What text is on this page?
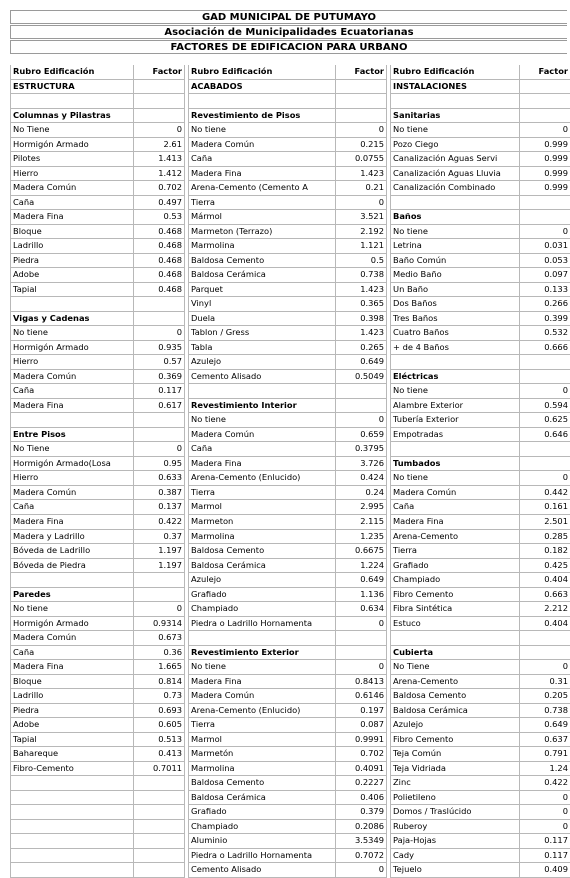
GAD MUNICIPAL DE PUTUMAYO
Asociación de Municipalidades Ecuatorianas
FACTORES DE EDIFICACION PARA URBANO
Rubro Edificación	Factor
ESTRUCTURA
Columnas y Pilastras
No Tiene	0
Hormigón Armado	2.61
Pilotes	1.413
Hierro	1.412
Madera Común	0.702
Caña	0.497
Madera Fina	0.53
Bloque	0.468
Ladrillo	0.468
Piedra	0.468
Adobe	0.468
Tapial	0.468
Vigas y Cadenas
No tiene	0
Hormigón Armado	0.935
Hierro	0.57
Madera Común	0.369
Caña	0.117
Madera Fina	0.617
Entre Pisos
No Tiene	0
Hormigón Armado(Losa	0.95
Hierro	0.633
Madera Común	0.387
Caña	0.137
Madera Fina	0.422
Madera y Ladrillo	0.37
Bóveda de Ladrillo	1.197
Bóveda de Piedra	1.197
Paredes
No tiene	0
Hormigón Armado	0.9314
Madera Común	0.673
Caña	0.36
Madera Fina	1.665
Bloque	0.814
Ladrillo	0.73
Piedra	0.693
Adobe	0.605
Tapial	0.513
Bahareque	0.413
Fibro-Cemento	0.7011
Rubro Edificación	Factor
ACABADOS
Revestimiento de Pisos
No tiene	0
Madera Común	0.215
Caña	0.0755
Madera Fina	1.423
Arena-Cemento (Cemento A	0.21
Tierra	0
Mármol	3.521
Marmeton (Terrazo)	2.192
Marmolina	1.121
Baldosa Cemento	0.5
Baldosa Cerámica	0.738
Parquet	1.423
Vinyl	0.365
Duela	0.398
Tablon / Gress	1.423
Tabla	0.265
Azulejo	0.649
Cemento Alisado	0.5049
Revestimiento Interior
No tiene	0
Madera Común	0.659
Caña	0.3795
Madera Fina	3.726
Arena-Cemento (Enlucido)	0.424
Tierra	0.24
Marmol	2.995
Marmeton	2.115
Marmolina	1.235
Baldosa Cemento	0.6675
Baldosa Cerámica	1.224
Azulejo	0.649
Grafiado	1.136
Champiado	0.634
Piedra o Ladrillo Hornamenta	0
Revestimiento Exterior
No tiene	0
Madera Fina	0.8413
Madera Común	0.6146
Arena-Cemento (Enlucido)	0.197
Tierra	0.087
Marmol	0.9991
Marmetón	0.702
Marmolina	0.4091
Baldosa Cemento	0.2227
Baldosa Cerámica	0.406
Grafiado	0.379
Champiado	0.2086
Aluminio	3.5349
Piedra o Ladrillo Hornamenta	0.7072
Cemento Alisado	0
Rubro Edificación	Factor
INSTALACIONES
Sanitarias
No tiene	0
Pozo Ciego	0.999
Canalización Aguas Servi	0.999
Canalización Aguas Lluvia	0.999
Canalización Combinado	0.999
Baños
No tiene	0
Letrina	0.031
Baño Común	0.053
Medio Baño	0.097
Un Baño	0.133
Dos Baños	0.266
Tres Baños	0.399
Cuatro Baños	0.532
+ de 4 Baños	0.666
Eléctricas
No tiene	0
Alambre Exterior	0.594
Tubería Exterior	0.625
Empotradas	0.646
Tumbados
No tiene	0
Madera Común	0.442
Caña	0.161
Madera Fina	2.501
Arena-Cemento	0.285
Tierra	0.182
Grafiado	0.425
Champiado	0.404
Fibro Cemento	0.663
Fibra Sintética	2.212
Estuco	0.404
Cubierta
No Tiene	0
Arena-Cemento	0.31
Baldosa Cemento	0.205
Baldosa Cerámica	0.738
Azulejo	0.649
Fibro Cemento	0.637
Teja Común	0.791
Teja Vidriada	1.24
Zinc	0.422
Polietileno	0
Domos / Traslúcido	0
Ruberoy	0
Paja-Hojas	0.117
Cady	0.117
Tejuelo	0.409
